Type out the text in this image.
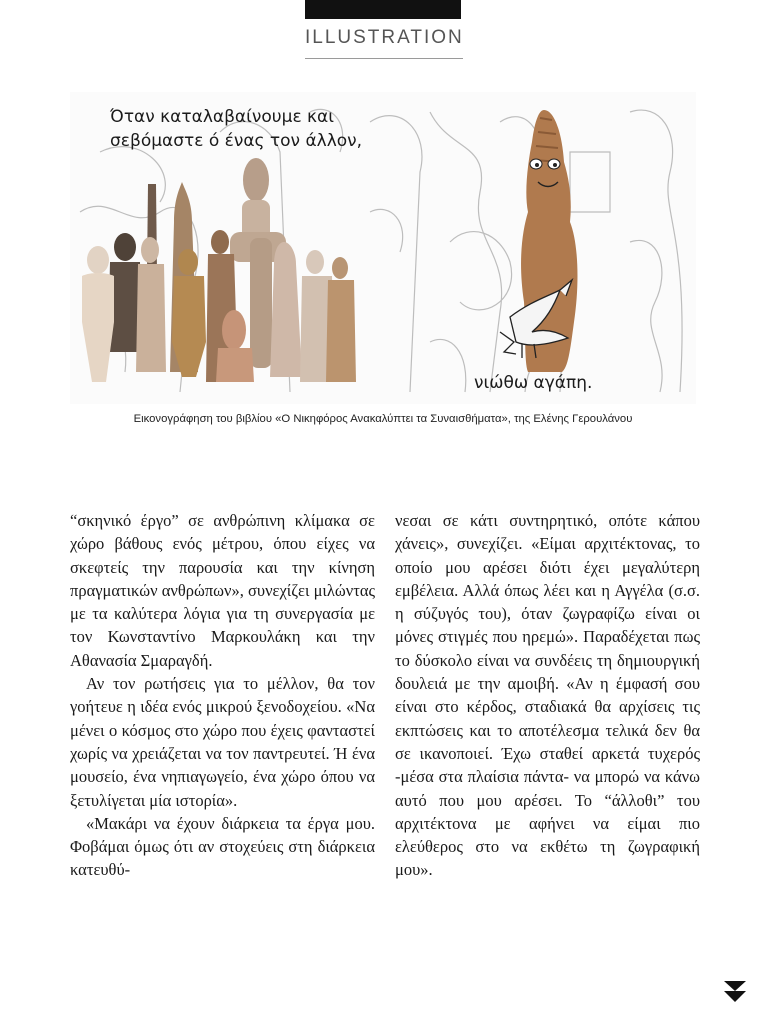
ILLUSTRATION
Όταν καταλαβαίνουμε και
σεβόμαστε ό ένας τον άλλον,
νιώθω αγάπη.
Εικονογράφηση του βιβλίου «Ο Νικηφόρος Ανακαλύπτει τα Συναισθήματα», της Ελένης Γερουλάνου

“σκηνικό έργο” σε ανθρώπινη κλίμακα σε χώρο βάθους ενός μέτρου, όπου είχες να σκεφτείς την παρουσία και την κίνηση πραγματικών ανθρώπων», συνεχίζει μιλώντας με τα καλύτερα λόγια για τη συνεργασία με τον Κωνσταντίνο Μαρκουλάκη και την Αθανασία Σμαραγδή.

Αν τον ρωτήσεις για το μέλλον, θα τον γοήτευε η ιδέα ενός μικρού ξενοδοχείου. «Να μένει ο κόσμος στο χώρο που έχεις φανταστεί χωρίς να χρειάζεται να τον παντρευτεί. Ή ένα μουσείο, ένα νηπιαγωγείο, ένα χώρο όπου να ξετυλίγεται μία ιστορία».

«Μακάρι να έχουν διάρκεια τα έργα μου. Φοβάμαι όμως ότι αν στοχεύεις στη διάρκεια κατευθύ-

νεσαι σε κάτι συντηρητικό, οπότε κάπου χάνεις», συνεχίζει. «Είμαι αρχιτέκτονας, το οποίο μου αρέσει διότι έχει μεγαλύτερη εμβέλεια. Αλλά όπως λέει και η Αγγέλα (σ.σ. η σύζυγός του), όταν ζωγραφίζω είναι οι μόνες στιγμές που ηρεμώ». Παραδέχεται πως το δύσκολο είναι να συνδέεις τη δημιουργική δουλειά με την αμοιβή. «Αν η έμφασή σου είναι στο κέρδος, σταδιακά θα αρχίσεις τις εκπτώσεις και το αποτέλεσμα τελικά δεν θα σε ικανοποιεί. Έχω σταθεί αρκετά τυχερός -μέσα στα πλαίσια πάντα- να μπορώ να κάνω αυτό που μου αρέσει. Το “άλλοθι” του αρχιτέκτονα με αφήνει να είμαι πιο ελεύθερος στο να εκθέτω τη ζωγραφική μου».
